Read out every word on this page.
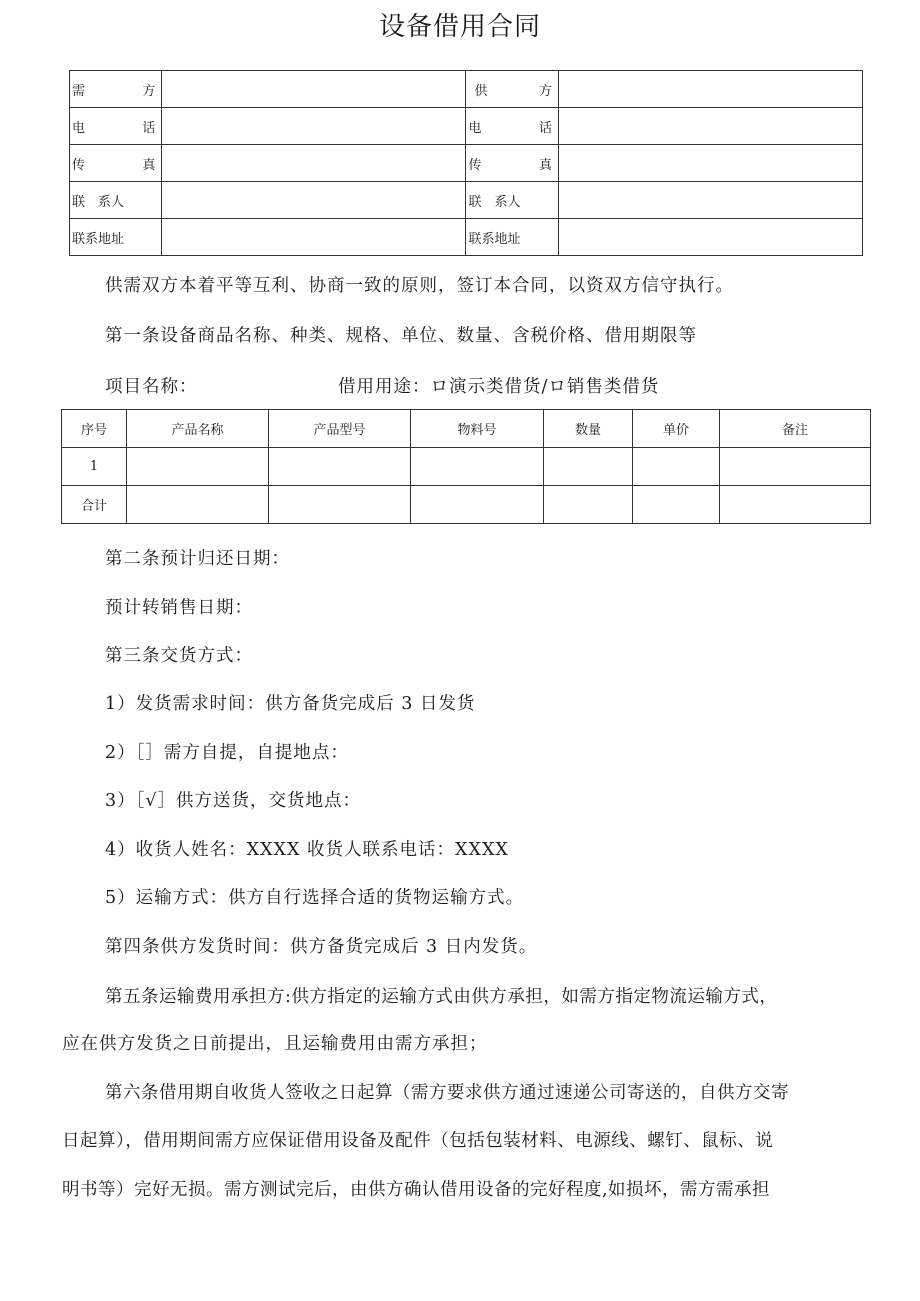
设备借用合同
需 方		供 方	

电 话		电 话	

传 真		传 真	

联　系人		联　系人	
联系地址		联系地址	
供需双方本着平等互利、协商一致的原则，签订本合同，以资双方信守执行。
第一条设备商品名称、种类、规格、单位、数量、含税价格、借用期限等
项目名称：	借用用途：ロ演示类借货/ロ销售类借货
序号	产品名称	产品型号	物料号	数量	单价	备注
1						
合计						
第二条预计归还日期：
预计转销售日期：
第三条交货方式：
1）发货需求时间：供方备货完成后 3 日发货
2）［］需方自提，自提地点：
3）［√］供方送货，交货地点：
4）收货人姓名：XXXX 收货人联系电话：XXXX
5）运输方式：供方自行选择合适的货物运输方式。
第四条供方发货时间：供方备货完成后 3 日内发货。
第五条运输费用承担方:供方指定的运输方式由供方承担，如需方指定物流运输方式，
应在供方发货之日前提出，且运输费用由需方承担；
第六条借用期自收货人签收之日起算（需方要求供方通过速递公司寄送的，自供方交寄
日起算），借用期间需方应保证借用设备及配件（包括包装材料、电源线、螺钉、鼠标、说
明书等）完好无损。需方测试完后，由供方确认借用设备的完好程度,如损坏，需方需承担
